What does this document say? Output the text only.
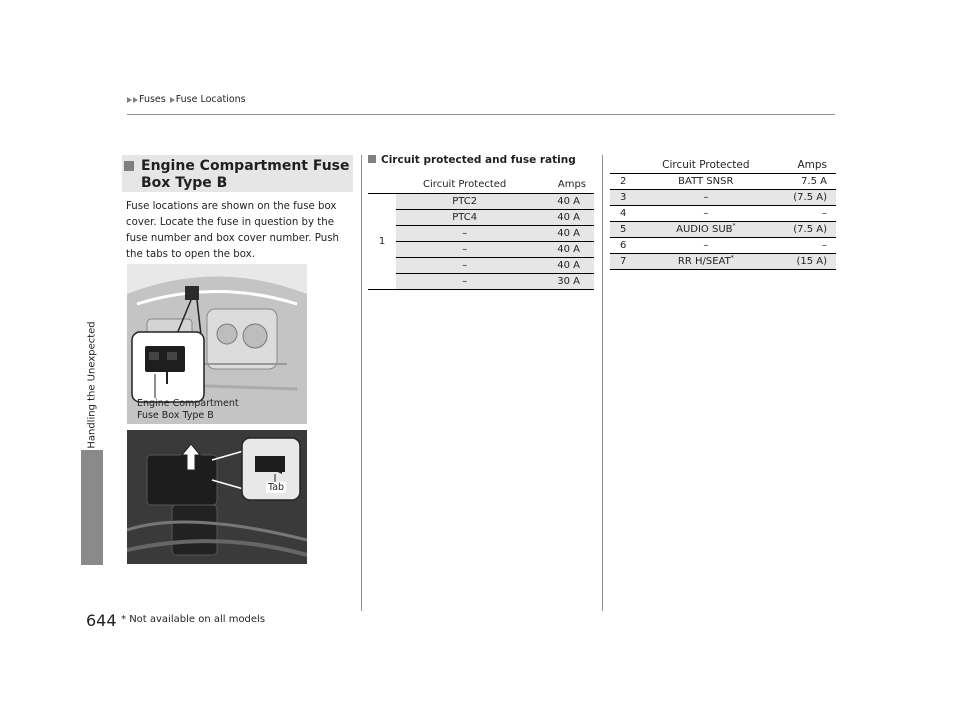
Fuses Fuse Locations
Handling the Unexpected
Engine Compartment Fuse
Box Type B
Fuse locations are shown on the fuse box cover. Locate the fuse in question by the fuse number and box cover number. Push the tabs to open the box.
Engine Compartment
Fuse Box Type B
Tab
Circuit protected and fuse rating
	Circuit Protected	Amps
1	PTC2	40 A
	PTC4	40 A
	–	40 A
	–	40 A
	–	40 A
	–	30 A
	Circuit Protected	Amps
2	BATT SNSR	7.5 A
3	–	(7.5 A)
4	–	–
5	AUDIO SUB*	(7.5 A)
6	–	–
7	RR H/SEAT*	(15 A)
644 * Not available on all models
